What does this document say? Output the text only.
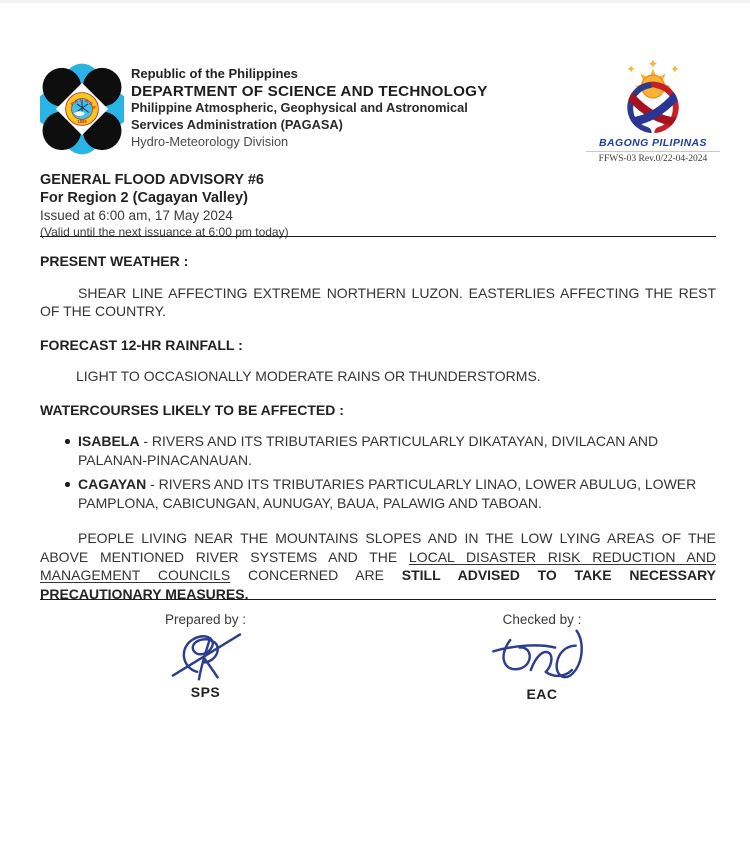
PAGASA
1865
Republic of the Philippines
DEPARTMENT OF SCIENCE AND TECHNOLOGY
Philippine Atmospheric, Geophysical and Astronomical
Services Administration (PAGASA)
Hydro-Meteorology Division	BAGONG PILIPINAS
FFWS-03 Rev.0/22-04-2024
GENERAL FLOOD ADVISORY #6
For Region 2 (Cagayan Valley)
Issued at 6:00 am, 17 May 2024
(Valid until the next issuance at 6:00 pm today)
PRESENT WEATHER :

SHEAR LINE AFFECTING EXTREME NORTHERN LUZON. EASTERLIES AFFECTING THE REST OF THE COUNTRY.

FORECAST 12-HR RAINFALL :

LIGHT TO OCCASIONALLY MODERATE RAINS OR THUNDERSTORMS.

WATERCOURSES LIKELY TO BE AFFECTED :
ISABELA - RIVERS AND ITS TRIBUTARIES PARTICULARLY DIKATAYAN, DIVILACAN AND PALANAN-PINACANAUAN.
CAGAYAN - RIVERS AND ITS TRIBUTARIES PARTICULARLY LINAO, LOWER ABULUG, LOWER PAMPLONA, CABICUNGAN, AUNUGAY, BAUA, PALAWIG AND TABOAN.

PEOPLE LIVING NEAR THE MOUNTAINS SLOPES AND IN THE LOW LYING AREAS OF THE ABOVE MENTIONED RIVER SYSTEMS AND THE LOCAL DISASTER RISK REDUCTION AND MANAGEMENT COUNCILS CONCERNED ARE STILL ADVISED TO TAKE NECESSARY PRECAUTIONARY MEASURES.

Prepared by :
SPS
Checked by :
EAC
